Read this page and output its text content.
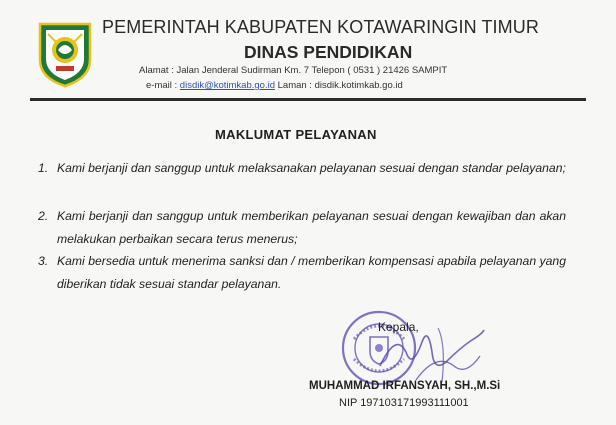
PEMERINTAH KABUPATEN KOTAWARINGIN TIMUR
DINAS PENDIDIKAN
Alamat : Jalan Jenderal Sudirman Km. 7 Telepon ( 0531 ) 21426 SAMPIT
e-mail : disdik@kotimkab.go.id Laman : disdik.kotimkab.go.id
MAKLUMAT PELAYANAN
1. Kami berjanji dan sanggup untuk melaksanakan pelayanan sesuai dengan standar pelayanan;
2. Kami berjanji dan sanggup untuk memberikan pelayanan sesuai dengan kewajiban dan akan melakukan perbaikan secara terus menerus;
3. Kami bersedia untuk menerima sanksi dan / memberikan kompensasi apabila pelayanan yang diberikan tidak sesuai standar pelayanan.
Kepala,
MUHAMMAD IRFANSYAH, SH.,M.Si
NIP 197103171993111001
